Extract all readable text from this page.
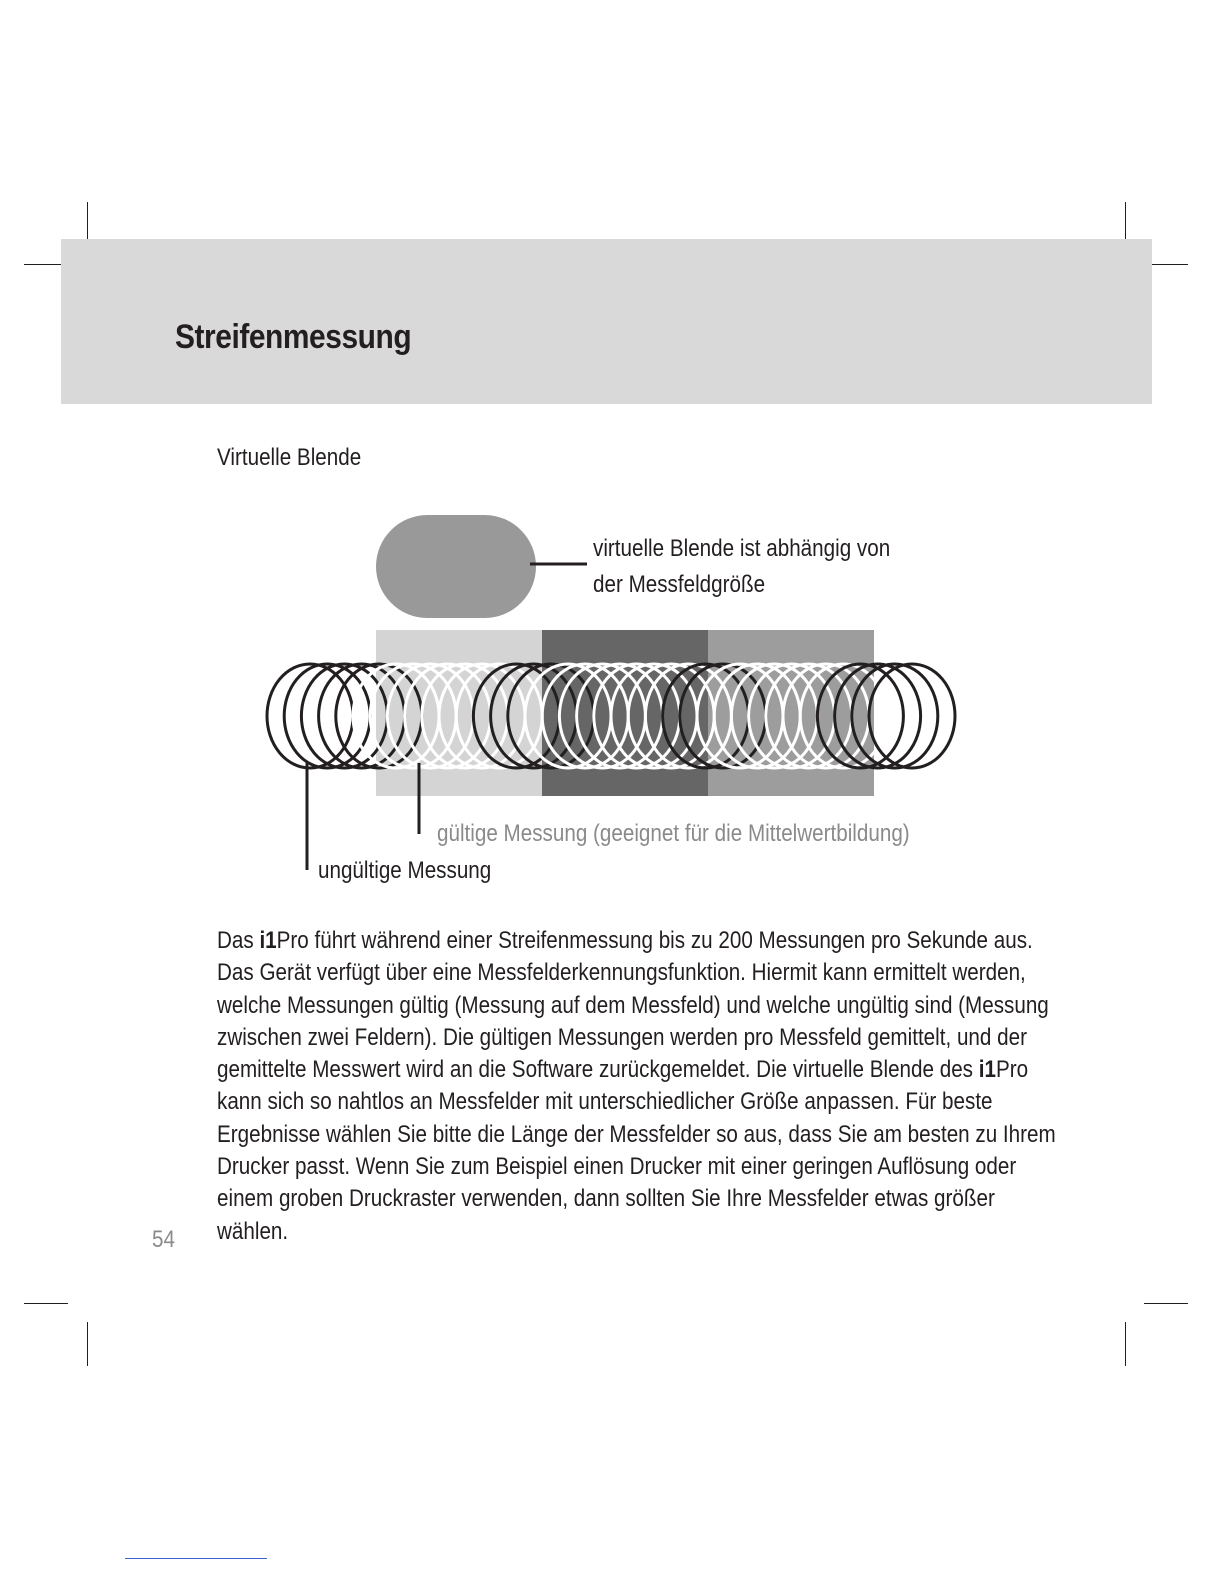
Streifenmessung
Virtuelle Blende
virtuelle Blende ist abhängig von
der Messfeldgröße
gültige Messung (geeignet für die Mittelwertbildung)
ungültige Messung
Das i1Pro führt während einer Streifenmessung bis zu 200 Messungen pro Sekunde aus. Das Gerät verfügt über eine Messfelderkennungsfunktion. Hiermit kann ermittelt werden, welche Messungen gültig (Messung auf dem Messfeld) und welche ungültig sind (Messung zwischen zwei Feldern). Die gültigen Messungen werden pro Messfeld gemittelt, und der gemittelte Messwert wird an die Software zurückgemeldet. Die virtuelle Blende des i1Pro kann sich so nahtlos an Messfelder mit unterschiedlicher Größe anpassen. Für beste Ergebnisse wählen Sie bitte die Länge der Messfelder so aus, dass Sie am besten zu Ihrem Drucker passt. Wenn Sie zum Beispiel einen Drucker mit einer geringen Auflösung oder einem groben Druckraster verwenden, dann sollten Sie Ihre Messfelder etwas größer wählen.
54
